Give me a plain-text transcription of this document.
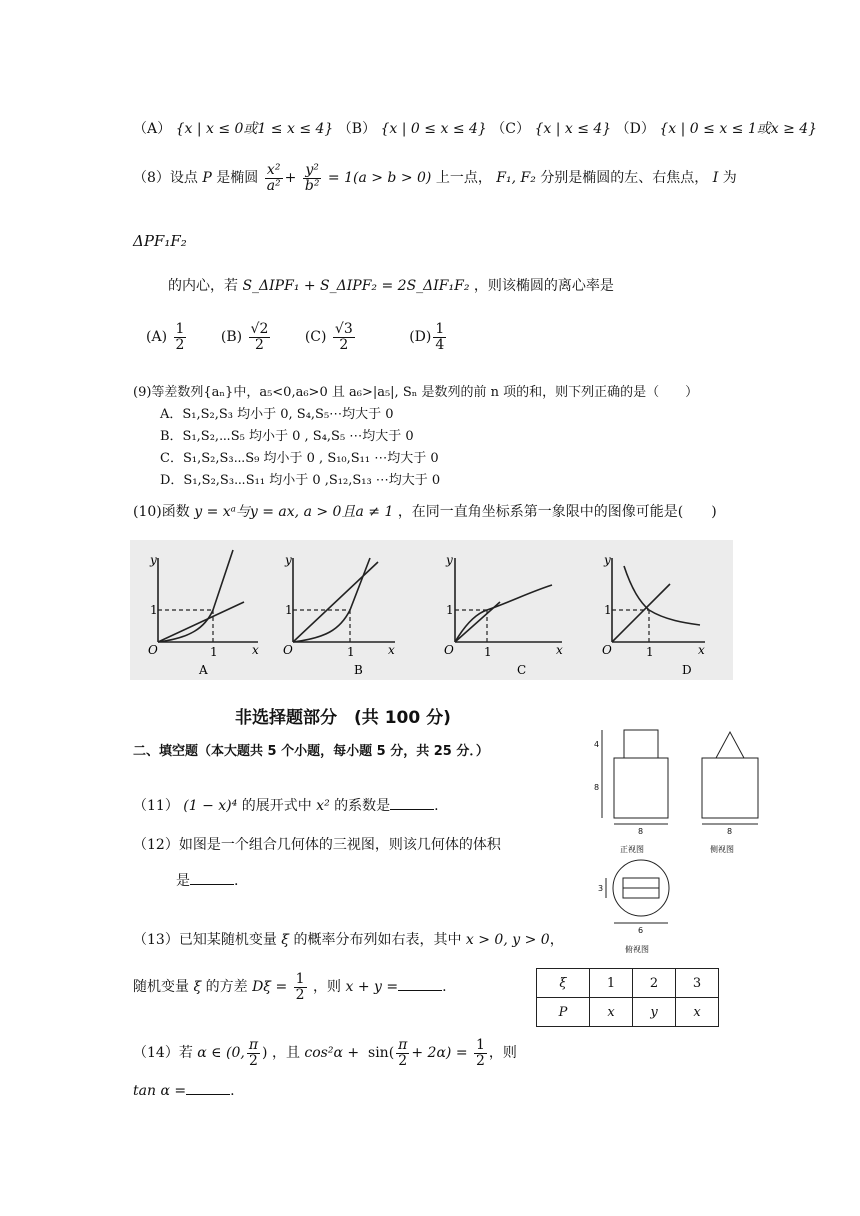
（A） {x | x ≤ 0或1 ≤ x ≤ 4} （B） {x | 0 ≤ x ≤ 4} （C） {x | x ≤ 4} （D） {x | 0 ≤ x ≤ 1或x ≥ 4}
（8）设点 P 是椭圆 $\frac{\text{x²}}{\text{a²}} + \frac{\text{y²}}{\text{b²}} = 1(a > b > 0)$ 上一点， F₁, F₂ 分别是椭圆的左、右焦点， I 为
ΔPF₁F₂
的内心，若 S_ΔIPF₁ + S_ΔIPF₂ = 2S_ΔIF₁F₂ ，则该椭圆的离心率是
$(A) \frac{1}{2} (B) \frac{√2}{2} (C) \frac{√3}{2}$	$(D) \frac{1}{4}$
(9)等差数列{aₙ}中，a₅<0,a₆>0 且 a₆>|a₅|, Sₙ 是数列的前 n 项的和，则下列正确的是（　　）
A．S₁,S₂,S₃ 均小于 0, S₄,S₅⋯均大于 0
B．S₁,S₂,⋯S₅ 均小于 0 , S₄,S₅ ⋯均大于 0
C．S₁,S₂,S₃⋯S₉ 均小于 0 , S₁₀,S₁₁ ⋯均大于 0
D．S₁,S₂,S₃⋯S₁₁ 均小于 0 ,S₁₂,S₁₃ ⋯均大于 0
(10)函数 y = xᵃ与y = ax, a > 0且a ≠ 1 ，在同一直角坐标系第一象限中的图像可能是(　　)
y
1
1	x
O
A
y
1
1	x
O
B
y
1
1	x
O
C
y
1
1	x
O
D
非选择题部分　(共 100 分)
二、填空题（本大题共 5 个小题，每小题 5 分，共 25 分．）
（11） (1 − x)⁴ 的展开式中 x² 的系数是	.
（12）如图是一个组合几何体的三视图，则该几何体的体积
是	.
（13）已知某随机变量 ξ 的概率分布列如右表，其中 x > 0, y > 0，
随机变量 ξ 的方差 $D\xi = \frac{1}{2}$ ，则 x + y =	.	ξ	1	2	3
P	x	y	x
（14）若 α ∈ (0, $\frac{\pi}{2}$ ) ，且 $\cos^2\alpha + \sin( \frac{\pi}{2} + 2\alpha) = \frac{1}{2}$ ，则
tan α =	.
4
8
8
正视图
8
侧视图
3
6
俯视图
